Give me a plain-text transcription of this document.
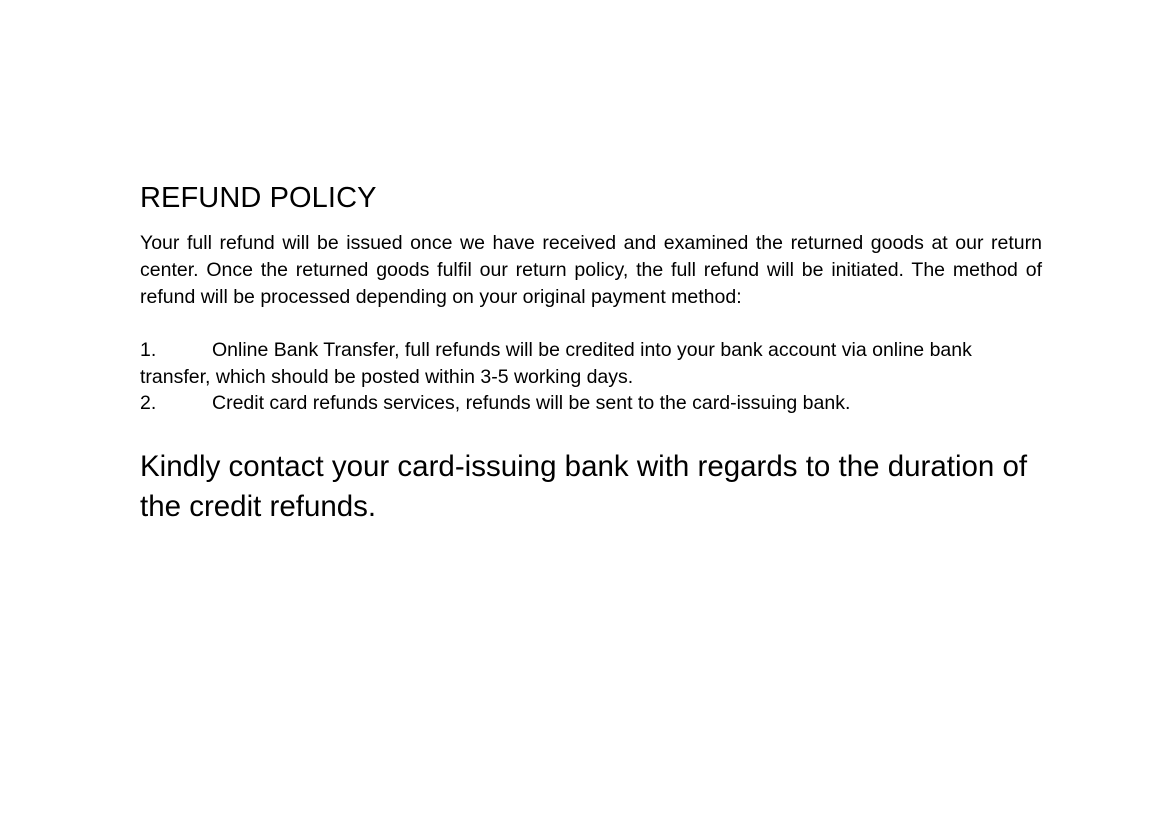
REFUND POLICY

Your full refund will be issued once we have received and examined the returned goods at our return center. Once the returned goods fulfil our return policy, the full refund will be initiated. The method of refund will be processed depending on your original payment method:

1.	Online Bank Transfer, full refunds will be credited into your bank account via online bank transfer, which should be posted within 3-5 working days.
2.	Credit card refunds services, refunds will be sent to the card-issuing bank.

Kindly contact your card-issuing bank with regards to the duration of the credit refunds.
